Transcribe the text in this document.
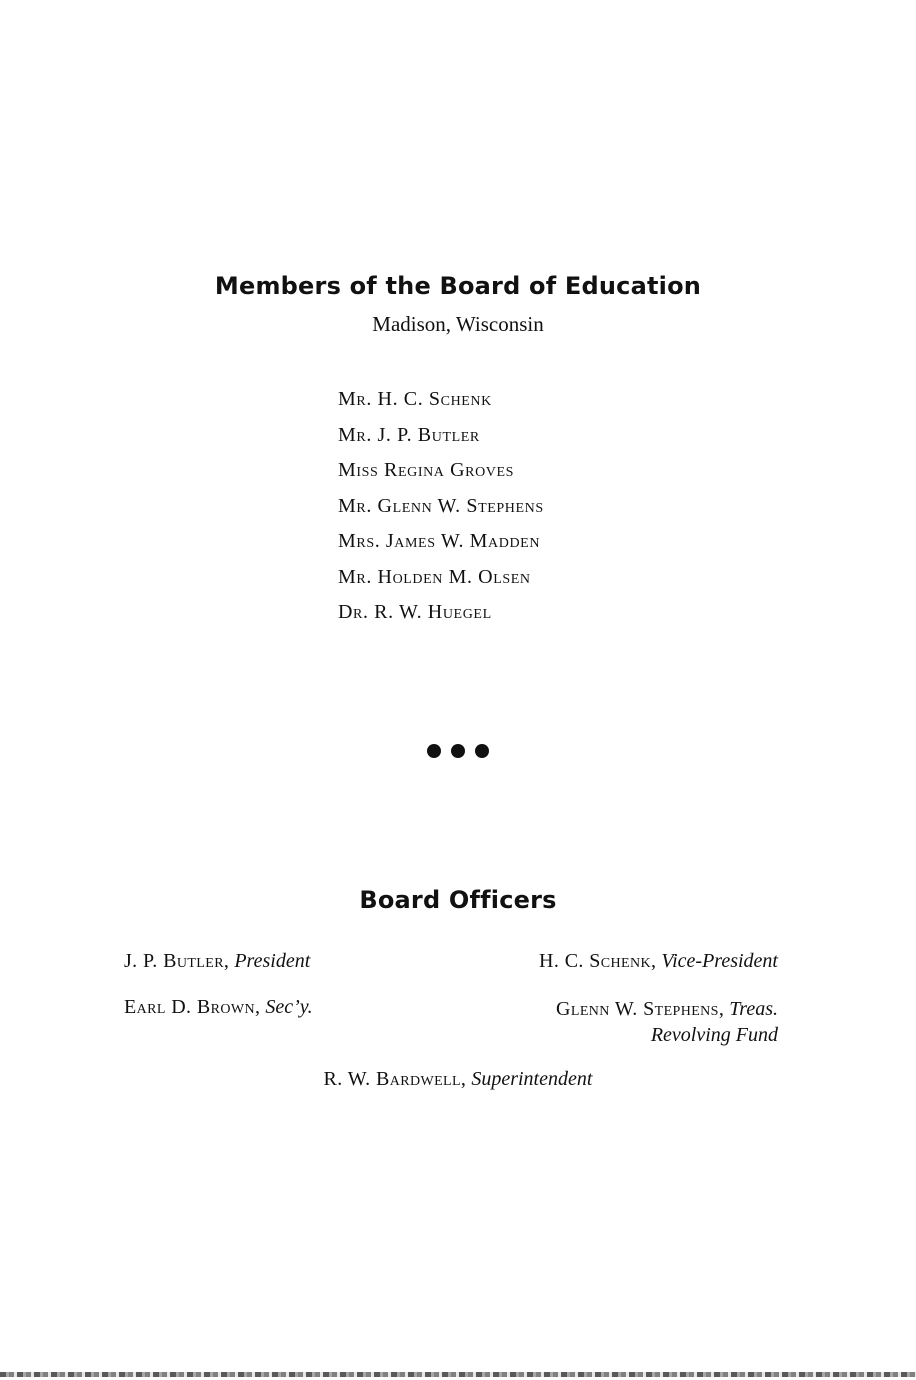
Members of the Board of Education
Madison, Wisconsin
Mr. H. C. Schenk
Mr. J. P. Butler
Miss Regina Groves
Mr. Glenn W. Stephens
Mrs. James W. Madden
Mr. Holden M. Olsen
Dr. R. W. Huegel
Board Officers
J. P. Butler, President	H. C. Schenk, Vice-President
Earl D. Brown, Sec’y.	Glenn W. Stephens, Treas.
Revolving Fund
R. W. Bardwell, Superintendent
